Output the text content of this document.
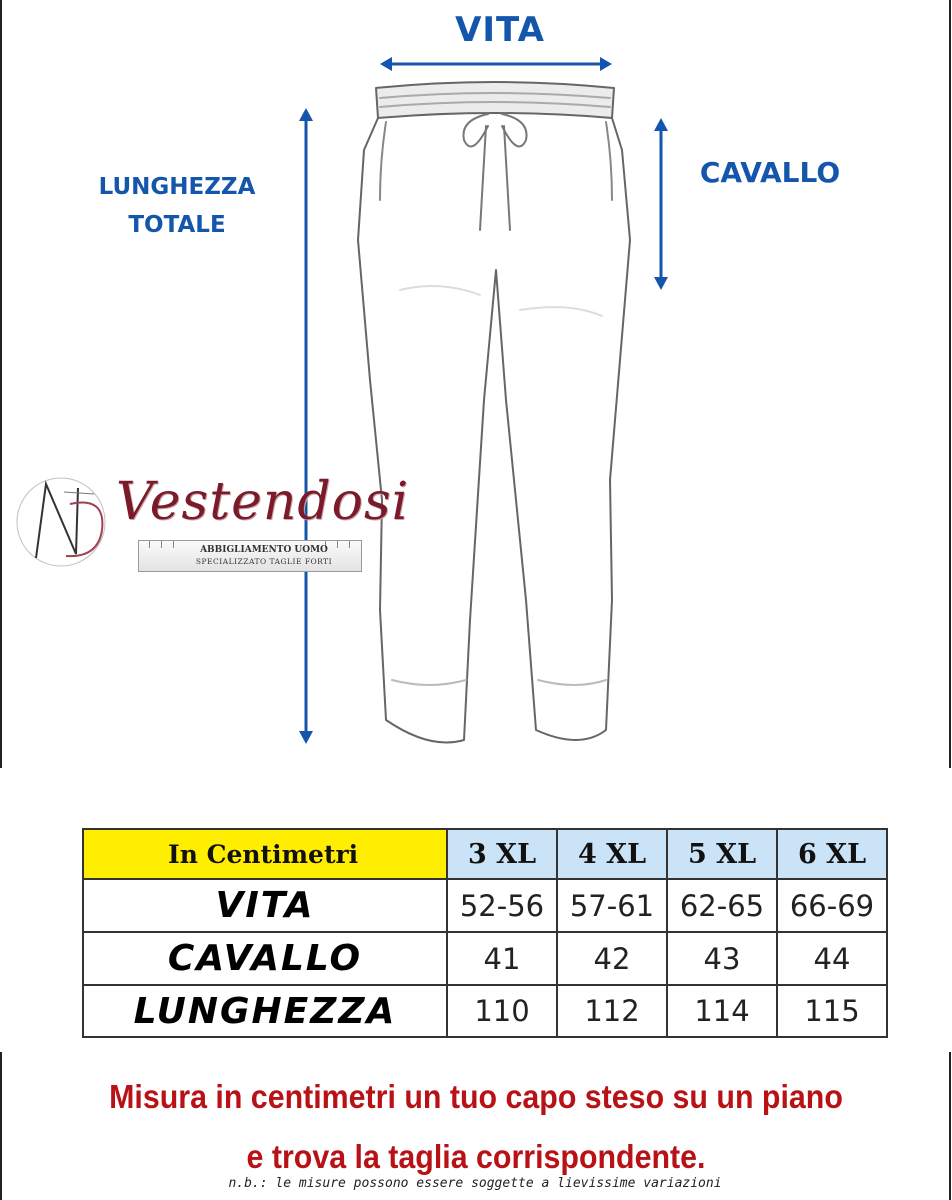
VITA
LUNGHEZZA
TOTALE
CAVALLO
Vestendosi
ABBIGLIAMENTO UOMO
SPECIALIZZATO TAGLIE FORTI
In Centimetri	3 XL	4 XL	5 XL	6 XL
VITA	52-56	57-61	62-65	66-69
CAVALLO	41	42	43	44
LUNGHEZZA	110	112	114	115
Misura in centimetri un tuo capo steso su un piano
e trova la taglia corrispondente.
n.b.: le misure possono essere soggette a lievissime variazioni
